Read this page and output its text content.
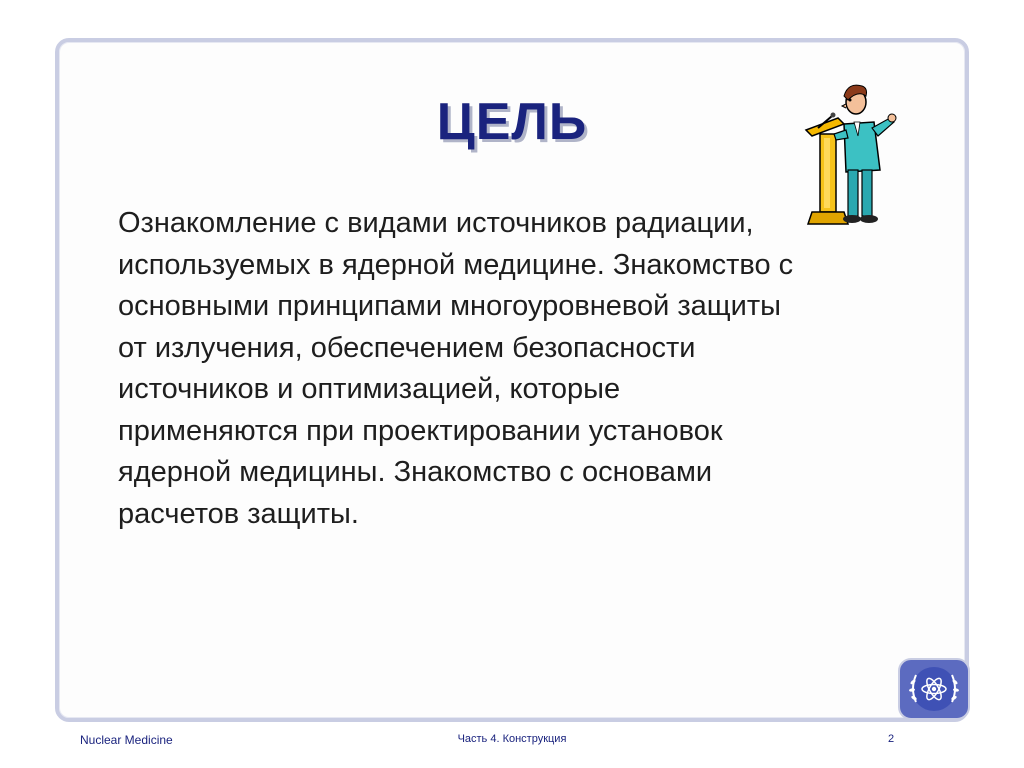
ЦЕЛЬ
Ознакомление с видами источников радиации,
используемых в ядерной медицине. Знакомство с
основными принципами многоуровневой защиты
от излучения, обеспечением безопасности
источников и оптимизацией, которые
применяются при проектировании установок
ядерной медицины. Знакомство с основами
расчетов защиты.
Nuclear Medicine	Часть 4. Конструкция	2
